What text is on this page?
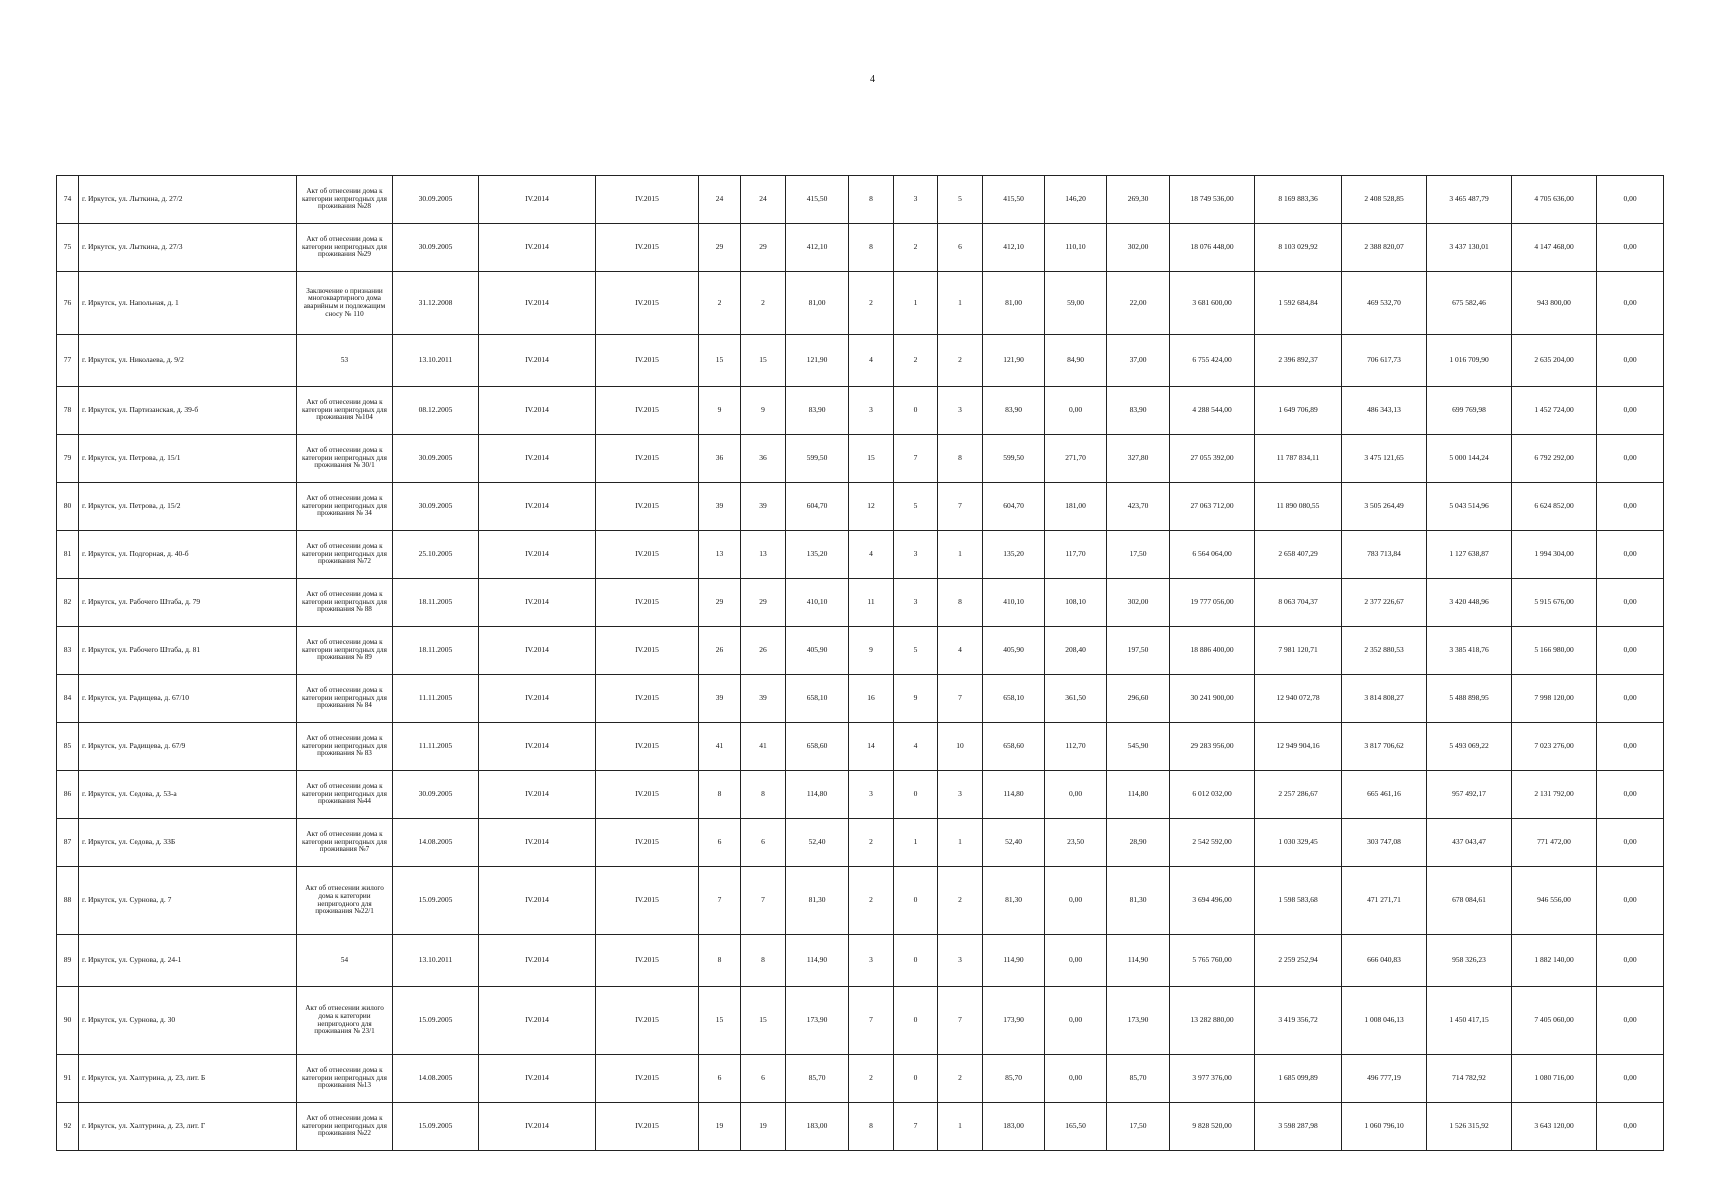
4
74	г. Иркутск, ул. Лыткина, д. 27/2	Акт об отнесении дома к категории непригодных для проживания №28	30.09.2005	IV.2014	IV.2015	24	24	415,50	8	3	5	415,50	146,20	269,30	18 749 536,00	8 169 883,36	2 408 528,85	3 465 487,79	4 705 636,00	0,00
75	г. Иркутск, ул. Лыткина, д. 27/3	Акт об отнесении дома к категории непригодных для проживания №29	30.09.2005	IV.2014	IV.2015	29	29	412,10	8	2	6	412,10	110,10	302,00	18 076 448,00	8 103 029,92	2 388 820,07	3 437 130,01	4 147 468,00	0,00
76	г. Иркутск, ул. Напольная, д. 1	Заключение о признании многоквартирного дома аварийным и подлежащим сносу № 110	31.12.2008	IV.2014	IV.2015	2	2	81,00	2	1	1	81,00	59,00	22,00	3 681 600,00	1 592 684,84	469 532,70	675 582,46	943 800,00	0,00
77	г. Иркутск, ул. Николаева, д. 9/2	53	13.10.2011	IV.2014	IV.2015	15	15	121,90	4	2	2	121,90	84,90	37,00	6 755 424,00	2 396 892,37	706 617,73	1 016 709,90	2 635 204,00	0,00
78	г. Иркутск, ул. Партизанская, д. 39-б	Акт об отнесении дома к категории непригодных для проживания №104	08.12.2005	IV.2014	IV.2015	9	9	83,90	3	0	3	83,90	0,00	83,90	4 288 544,00	1 649 706,89	486 343,13	699 769,98	1 452 724,00	0,00
79	г. Иркутск, ул. Петрова, д. 15/1	Акт об отнесении дома к категории непригодных для проживания № 30/1	30.09.2005	IV.2014	IV.2015	36	36	599,50	15	7	8	599,50	271,70	327,80	27 055 392,00	11 787 834,11	3 475 121,65	5 000 144,24	6 792 292,00	0,00
80	г. Иркутск, ул. Петрова, д. 15/2	Акт об отнесении дома к категории непригодных для проживания № 34	30.09.2005	IV.2014	IV.2015	39	39	604,70	12	5	7	604,70	181,00	423,70	27 063 712,00	11 890 080,55	3 505 264,49	5 043 514,96	6 624 852,00	0,00
81	г. Иркутск, ул. Подгорная, д. 40-б	Акт об отнесении дома к категории непригодных для проживания №72	25.10.2005	IV.2014	IV.2015	13	13	135,20	4	3	1	135,20	117,70	17,50	6 564 064,00	2 658 407,29	783 713,84	1 127 638,87	1 994 304,00	0,00
82	г. Иркутск, ул. Рабочего Штаба, д. 79	Акт об отнесении дома к категории непригодных для проживания № 88	18.11.2005	IV.2014	IV.2015	29	29	410,10	11	3	8	410,10	108,10	302,00	19 777 056,00	8 063 704,37	2 377 226,67	3 420 448,96	5 915 676,00	0,00
83	г. Иркутск, ул. Рабочего Штаба, д. 81	Акт об отнесении дома к категории непригодных для проживания № 89	18.11.2005	IV.2014	IV.2015	26	26	405,90	9	5	4	405,90	208,40	197,50	18 886 400,00	7 981 120,71	2 352 880,53	3 385 418,76	5 166 980,00	0,00
84	г. Иркутск, ул. Радищева, д. 67/10	Акт об отнесении дома к категории непригодных для проживания № 84	11.11.2005	IV.2014	IV.2015	39	39	658,10	16	9	7	658,10	361,50	296,60	30 241 900,00	12 940 072,78	3 814 808,27	5 488 898,95	7 998 120,00	0,00
85	г. Иркутск, ул. Радищева, д. 67/9	Акт об отнесении дома к категории непригодных для проживания № 83	11.11.2005	IV.2014	IV.2015	41	41	658,60	14	4	10	658,60	112,70	545,90	29 283 956,00	12 949 904,16	3 817 706,62	5 493 069,22	7 023 276,00	0,00
86	г. Иркутск, ул. Седова, д. 53-а	Акт об отнесении дома к категории непригодных для проживания №44	30.09.2005	IV.2014	IV.2015	8	8	114,80	3	0	3	114,80	0,00	114,80	6 012 032,00	2 257 286,67	665 461,16	957 492,17	2 131 792,00	0,00
87	г. Иркутск, ул. Седова, д. 33Б	Акт об отнесении дома к категории непригодных для проживания №7	14.08.2005	IV.2014	IV.2015	6	6	52,40	2	1	1	52,40	23,50	28,90	2 542 592,00	1 030 329,45	303 747,08	437 043,47	771 472,00	0,00
88	г. Иркутск, ул. Сурнова, д. 7	Акт об отнесении жилого дома к категории непригодного для проживания №22/1	15.09.2005	IV.2014	IV.2015	7	7	81,30	2	0	2	81,30	0,00	81,30	3 694 496,00	1 598 583,68	471 271,71	678 084,61	946 556,00	0,00
89	г. Иркутск, ул. Сурнова, д. 24-1	54	13.10.2011	IV.2014	IV.2015	8	8	114,90	3	0	3	114,90	0,00	114,90	5 765 760,00	2 259 252,94	666 040,83	958 326,23	1 882 140,00	0,00
90	г. Иркутск, ул. Сурнова, д. 30	Акт об отнесении жилого дома к категории непригодного для проживания № 23/1	15.09.2005	IV.2014	IV.2015	15	15	173,90	7	0	7	173,90	0,00	173,90	13 282 880,00	3 419 356,72	1 008 046,13	1 450 417,15	7 405 060,00	0,00
91	г. Иркутск, ул. Халтурина, д. 23, лит. Б	Акт об отнесении дома к категории непригодных для проживания №13	14.08.2005	IV.2014	IV.2015	6	6	85,70	2	0	2	85,70	0,00	85,70	3 977 376,00	1 685 099,89	496 777,19	714 782,92	1 080 716,00	0,00
92	г. Иркутск, ул. Халтурина, д. 23, лит. Г	Акт об отнесении дома к категории непригодных для проживания №22	15.09.2005	IV.2014	IV.2015	19	19	183,00	8	7	1	183,00	165,50	17,50	9 828 520,00	3 598 287,98	1 060 796,10	1 526 315,92	3 643 120,00	0,00
